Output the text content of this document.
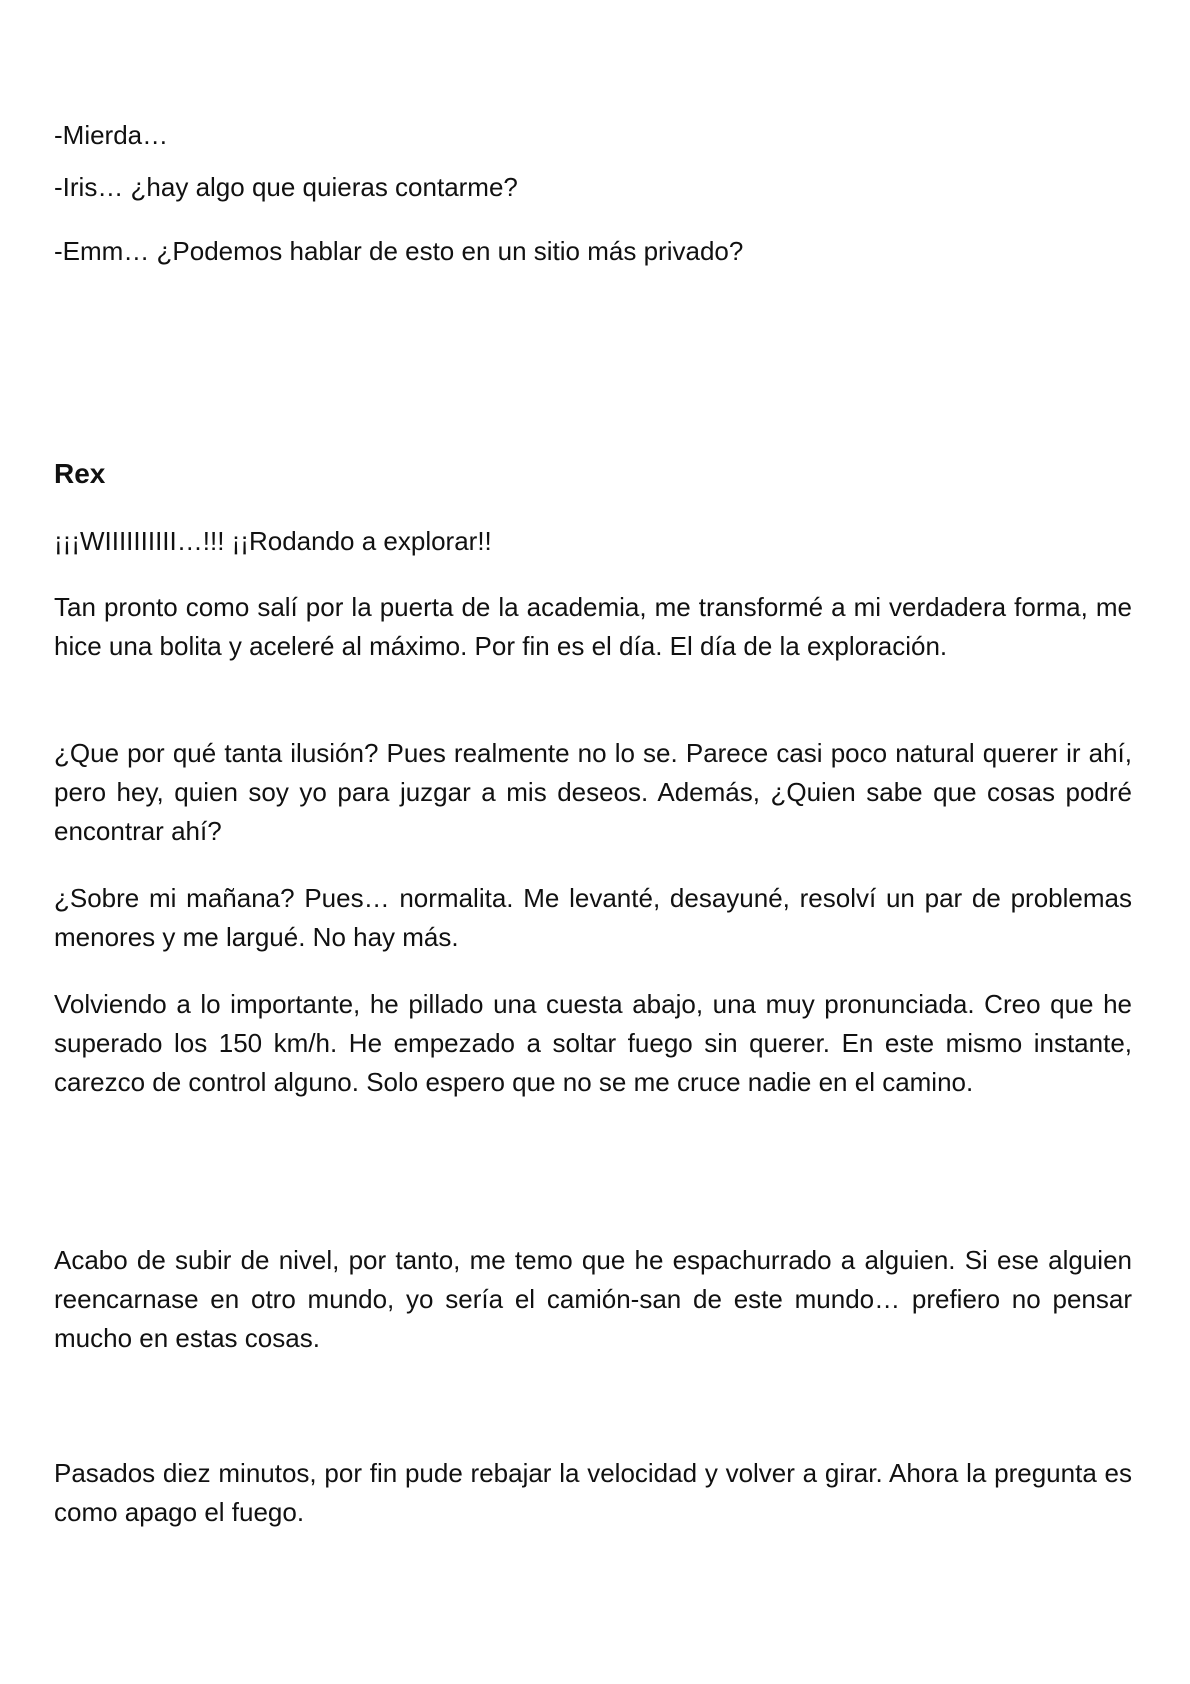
-Mierda…

-Iris… ¿hay algo que quieras contarme?

-Emm… ¿Podemos hablar de esto en un sitio más privado?

Rex

¡¡¡WIIIIIIIIII…!!! ¡¡Rodando a explorar!!

Tan pronto como salí por la puerta de la academia, me transformé a mi verdadera forma, me hice una bolita y aceleré al máximo. Por fin es el día. El día de la exploración.

¿Que por qué tanta ilusión? Pues realmente no lo se. Parece casi poco natural querer ir ahí, pero hey, quien soy yo para juzgar a mis deseos. Además, ¿Quien sabe que cosas podré encontrar ahí?

¿Sobre mi mañana? Pues… normalita. Me levanté, desayuné, resolví un par de problemas menores y me largué. No hay más.

Volviendo a lo importante, he pillado una cuesta abajo, una muy pronunciada. Creo que he superado los 150 km/h. He empezado a soltar fuego sin querer. En este mismo instante, carezco de control alguno. Solo espero que no se me cruce nadie en el camino.

Acabo de subir de nivel, por tanto, me temo que he espachurrado a alguien. Si ese alguien reencarnase en otro mundo, yo sería el camión-san de este mundo… prefiero no pensar mucho en estas cosas.

Pasados diez minutos, por fin pude rebajar la velocidad y volver a girar. Ahora la pregunta es como apago el fuego.
